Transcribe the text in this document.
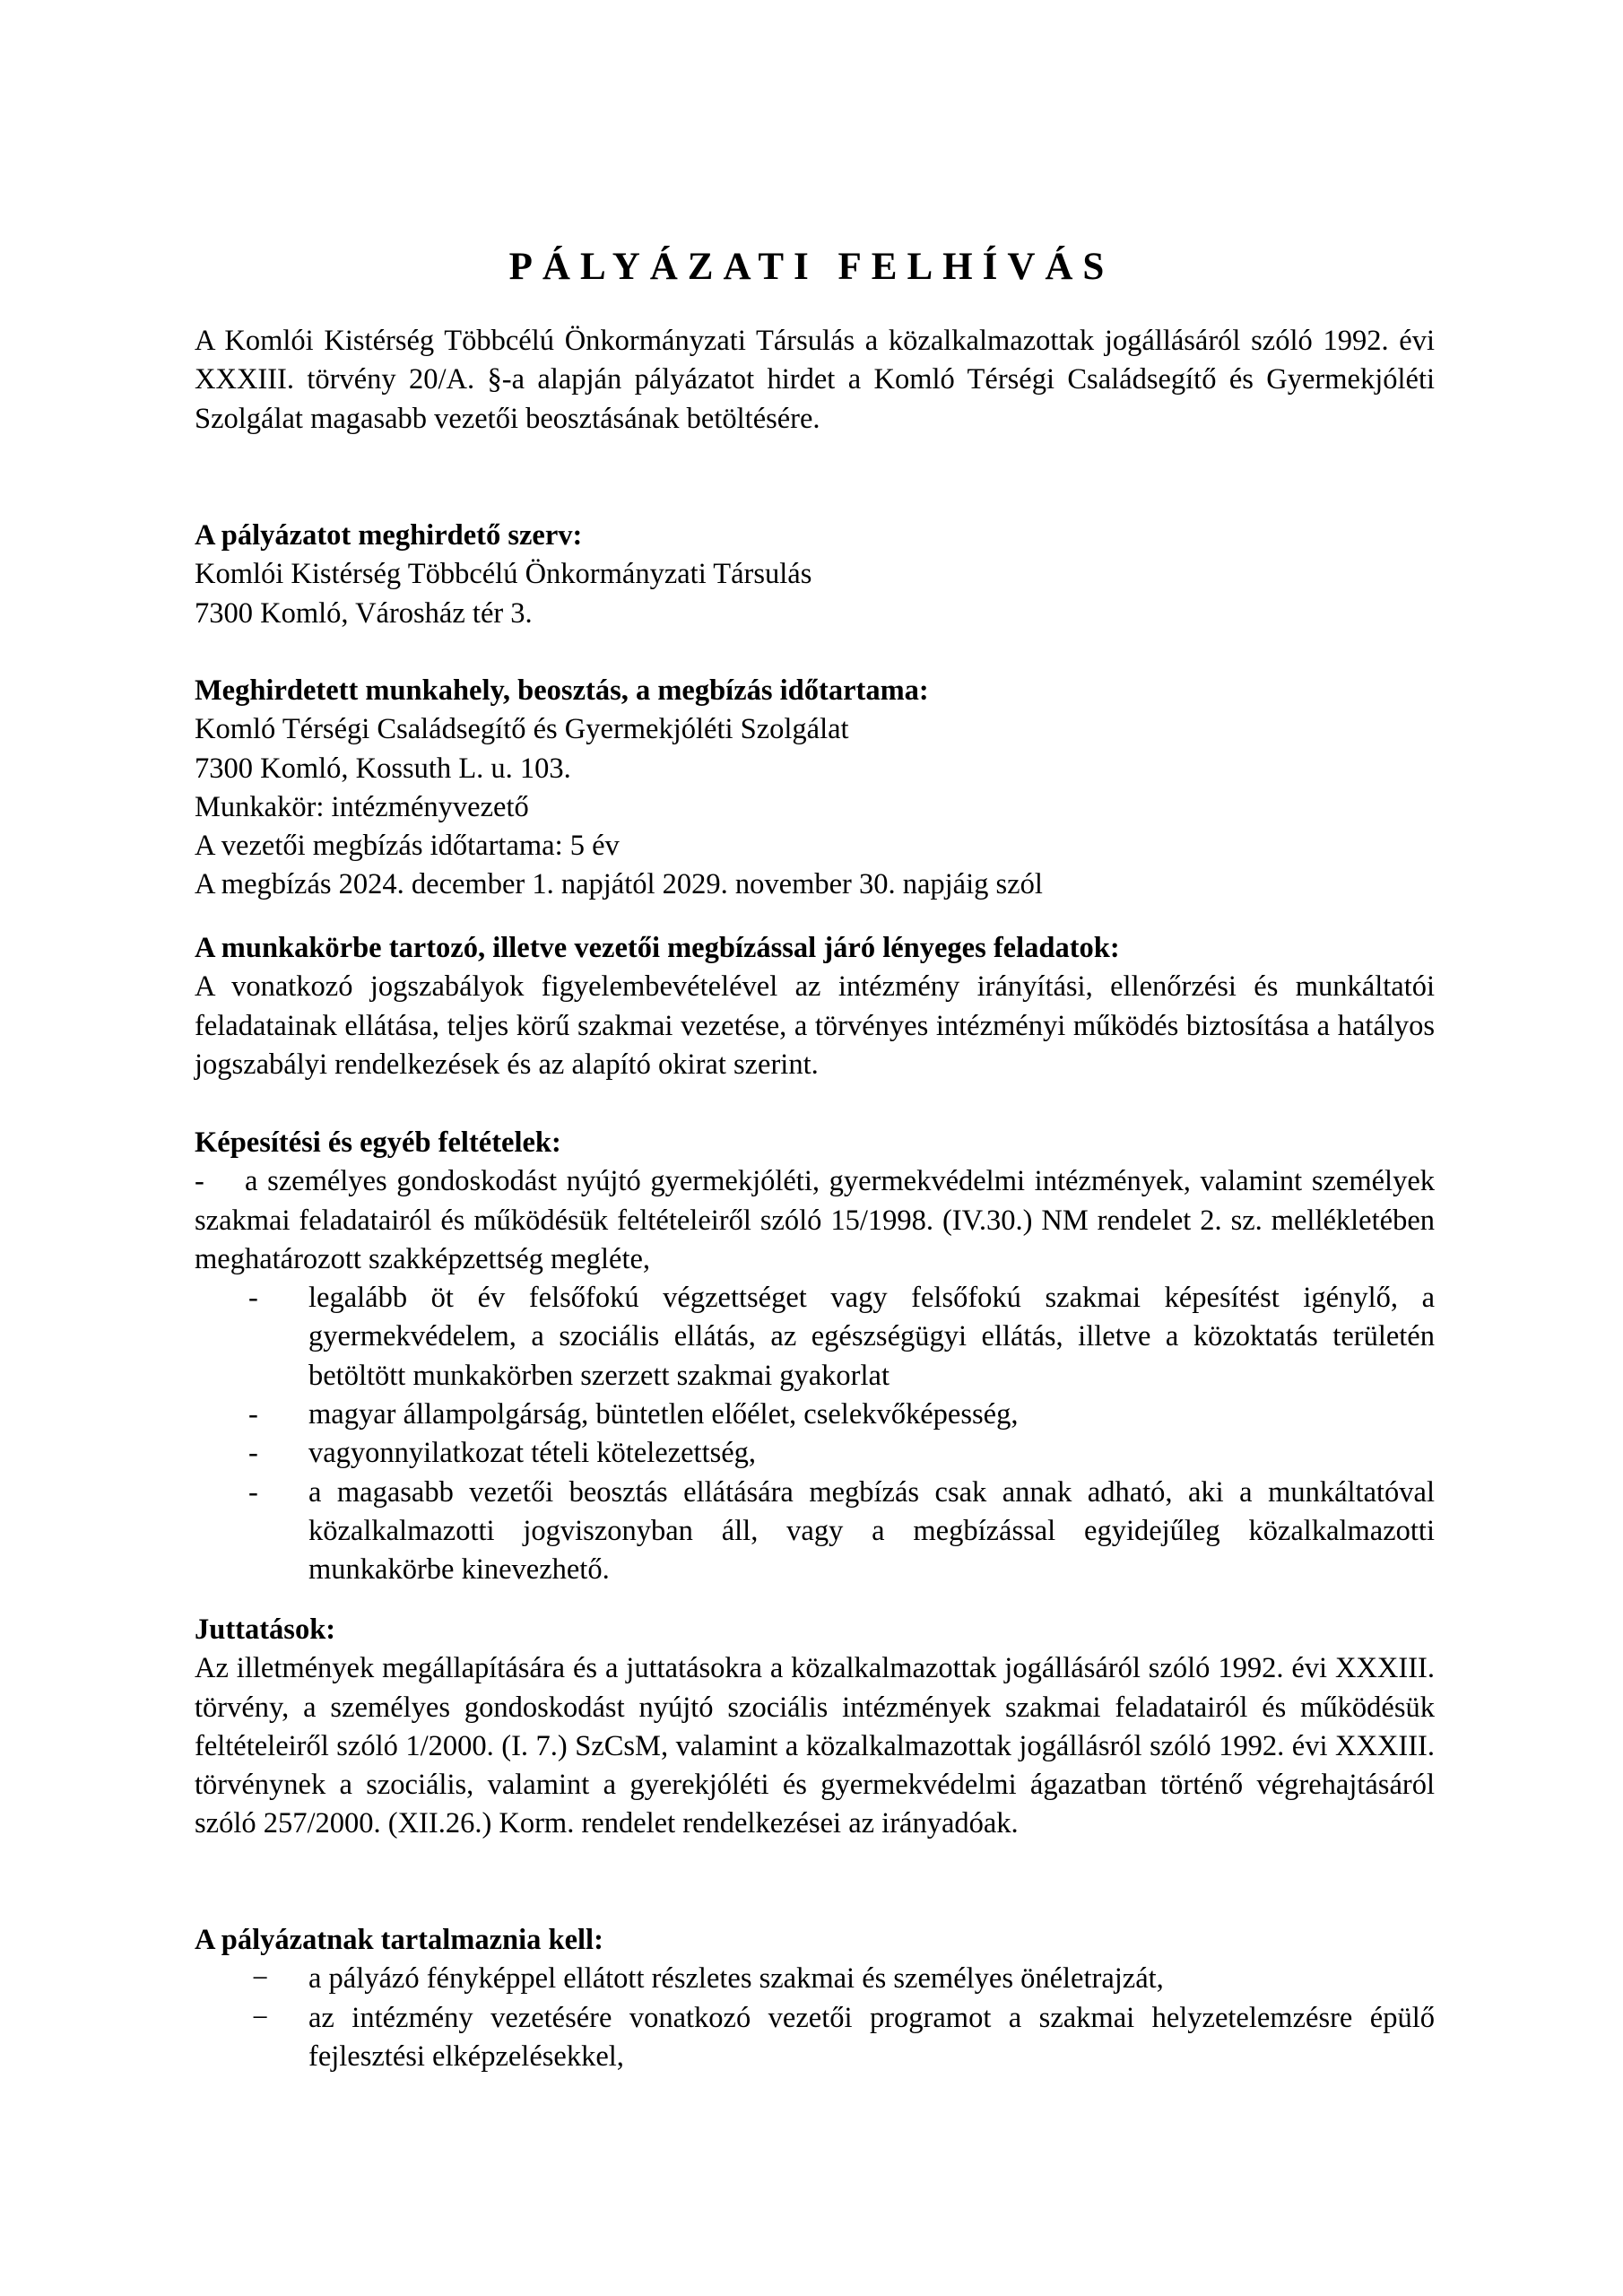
PÁLYÁZATI FELHÍVÁS

A Komlói Kistérség Többcélú Önkormányzati Társulás a közalkalmazottak jogállásáról szóló 1992. évi XXXIII. törvény 20/A. §-a alapján pályázatot hirdet a Komló Térségi Családsegítő és Gyermekjóléti Szolgálat magasabb vezetői beosztásának betöltésére.

A pályázatot meghirdető szerv:
Komlói Kistérség Többcélú Önkormányzati Társulás
7300 Komló, Városház tér 3.
Meghirdetett munkahely, beosztás, a megbízás időtartama:
Komló Térségi Családsegítő és Gyermekjóléti Szolgálat
7300 Komló, Kossuth L. u. 103.
Munkakör: intézményvezető
A vezetői megbízás időtartama: 5 év
A megbízás 2024. december 1. napjától 2029. november 30. napjáig szól
A munkakörbe tartozó, illetve vezetői megbízással járó lényeges feladatok:

A vonatkozó jogszabályok figyelembevételével az intézmény irányítási, ellenőrzési és munkáltatói feladatainak ellátása, teljes körű szakmai vezetése, a törvényes intézményi működés biztosítása a hatályos jogszabályi rendelkezések és az alapító okirat szerint.

Képesítési és egyéb feltételek:
-	a személyes gondoskodást nyújtó gyermekjóléti, gyermekvédelmi intézmények, valamint személyek szakmai feladatairól és működésük feltételeiről szóló 15/1998. (IV.30.) NM rendelet 2. sz. mellékletében meghatározott szakképzettség megléte,
-	legalább öt év felsőfokú végzettséget vagy felsőfokú szakmai képesítést igénylő, a gyermekvédelem, a szociális ellátás, az egészségügyi ellátás, illetve a közoktatás területén betöltött munkakörben szerzett szakmai gyakorlat
-	magyar állampolgárság, büntetlen előélet, cselekvőképesség,
-	vagyonnyilatkozat tételi kötelezettség,
-	a magasabb vezetői beosztás ellátására megbízás csak annak adható, aki a munkáltatóval közalkalmazotti jogviszonyban áll, vagy a megbízással egyidejűleg közalkalmazotti munkakörbe kinevezhető.
Juttatások:

Az illetmények megállapítására és a juttatásokra a közalkalmazottak jogállásáról szóló 1992. évi XXXIII. törvény, a személyes gondoskodást nyújtó szociális intézmények szakmai feladatairól és működésük feltételeiről szóló 1/2000. (I. 7.) SzCsM, valamint a közalkalmazottak jogállásról szóló 1992. évi XXXIII. törvénynek a szociális, valamint a gyerekjóléti és gyermekvédelmi ágazatban történő végrehajtásáról szóló 257/2000. (XII.26.) Korm. rendelet rendelkezései az irányadóak.

A pályázatnak tartalmaznia kell:
−	a pályázó fényképpel ellátott részletes szakmai és személyes önéletrajzát,
−	az intézmény vezetésére vonatkozó vezetői programot a szakmai helyzetelemzésre épülő fejlesztési elképzelésekkel,
